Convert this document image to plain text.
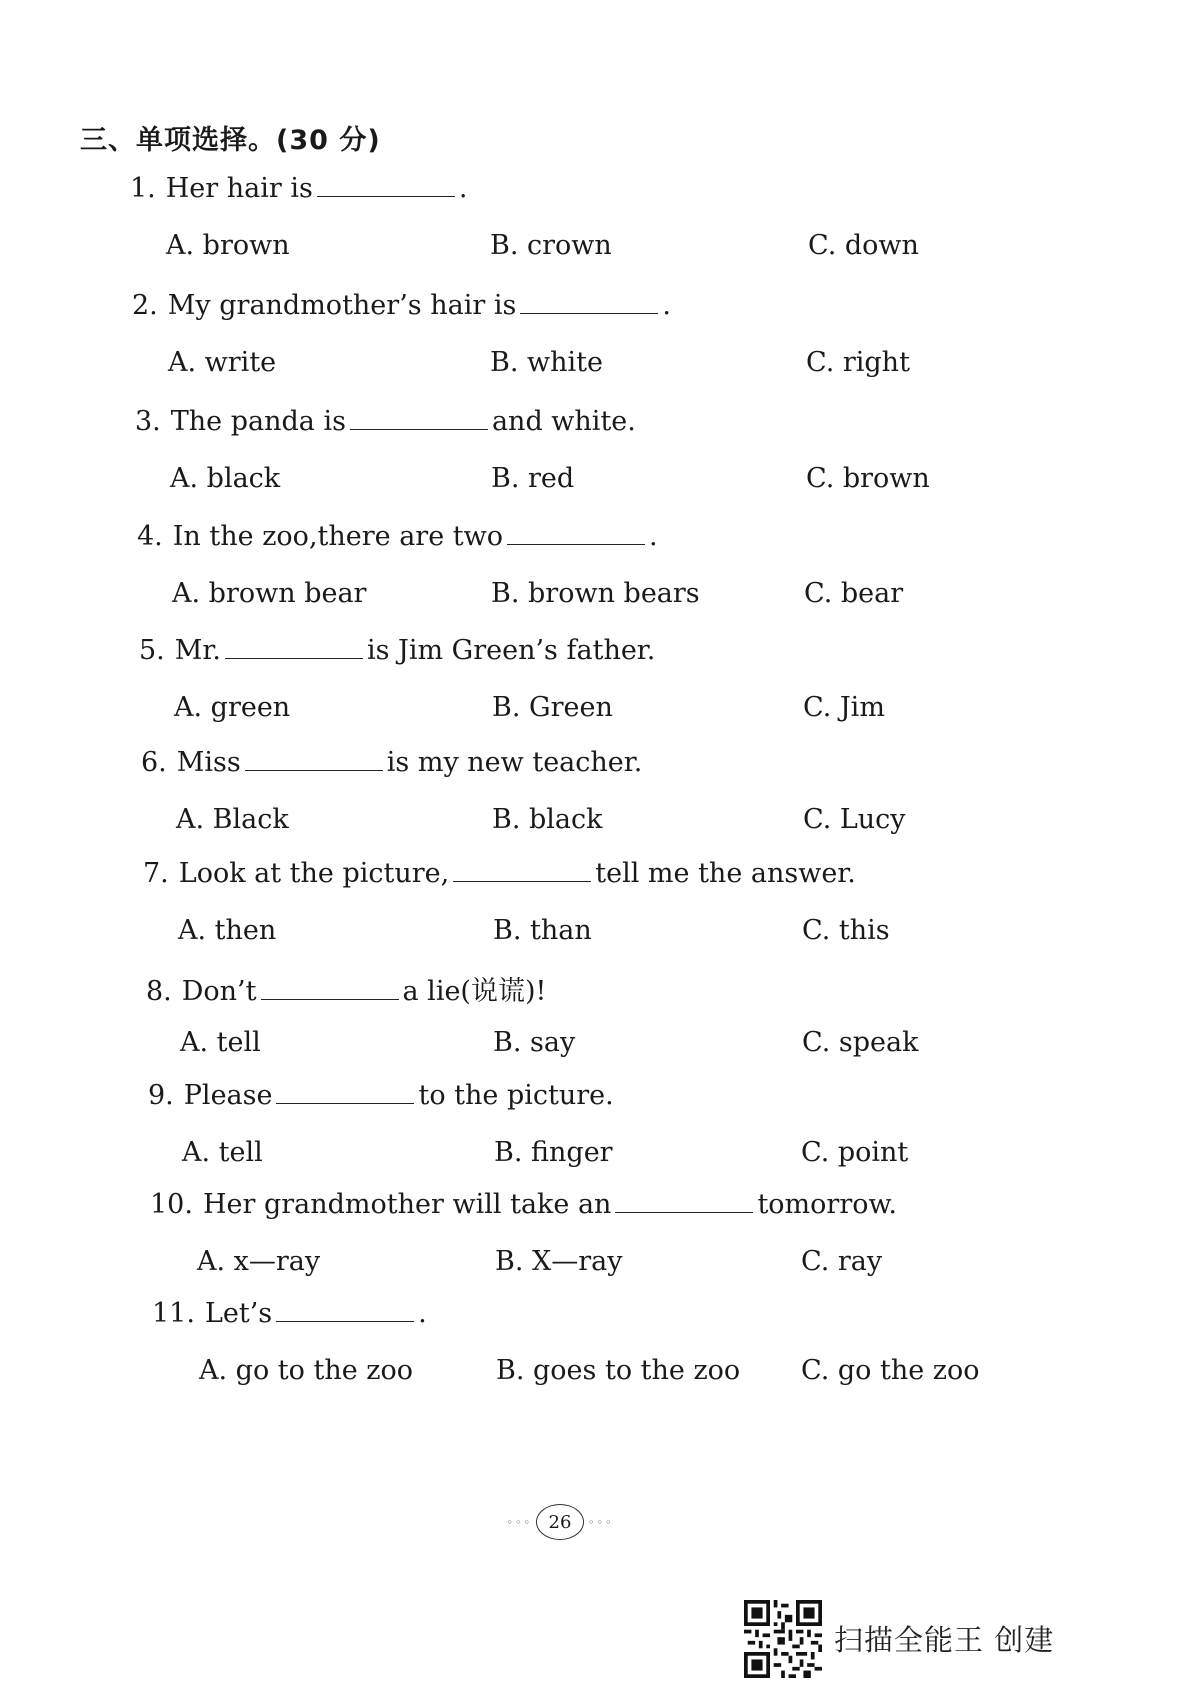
三、单项选择。(30 分)
1. Her hair is	.
A. brown	B. crown	C. down
2. My grandmother’s hair is	.
A. write	B. white	C. right
3. The panda is	and white.
A. black	B. red	C. brown
4. In the zoo,there are two	.
A. brown bear	B. brown bears	C. bear
5. Mr.	is Jim Green’s father.
A. green	B. Green	C. Jim
6. Miss	is my new teacher.
A. Black	B. black	C. Lucy
7. Look at the picture,	tell me the answer.
A. then	B. than	C. this
8. Don’t	a lie(说谎)!
A. tell	B. say	C. speak
9. Please	to the picture.
A. tell	B. finger	C. point
10. Her grandmother will take an	tomorrow.
A. x—ray	B. X—ray	C. ray
11. Let’s	.
A. go to the zoo	B. goes to the zoo C. go the zoo
◦◦◦ 26	◦◦◦
扫描全能王 创建
